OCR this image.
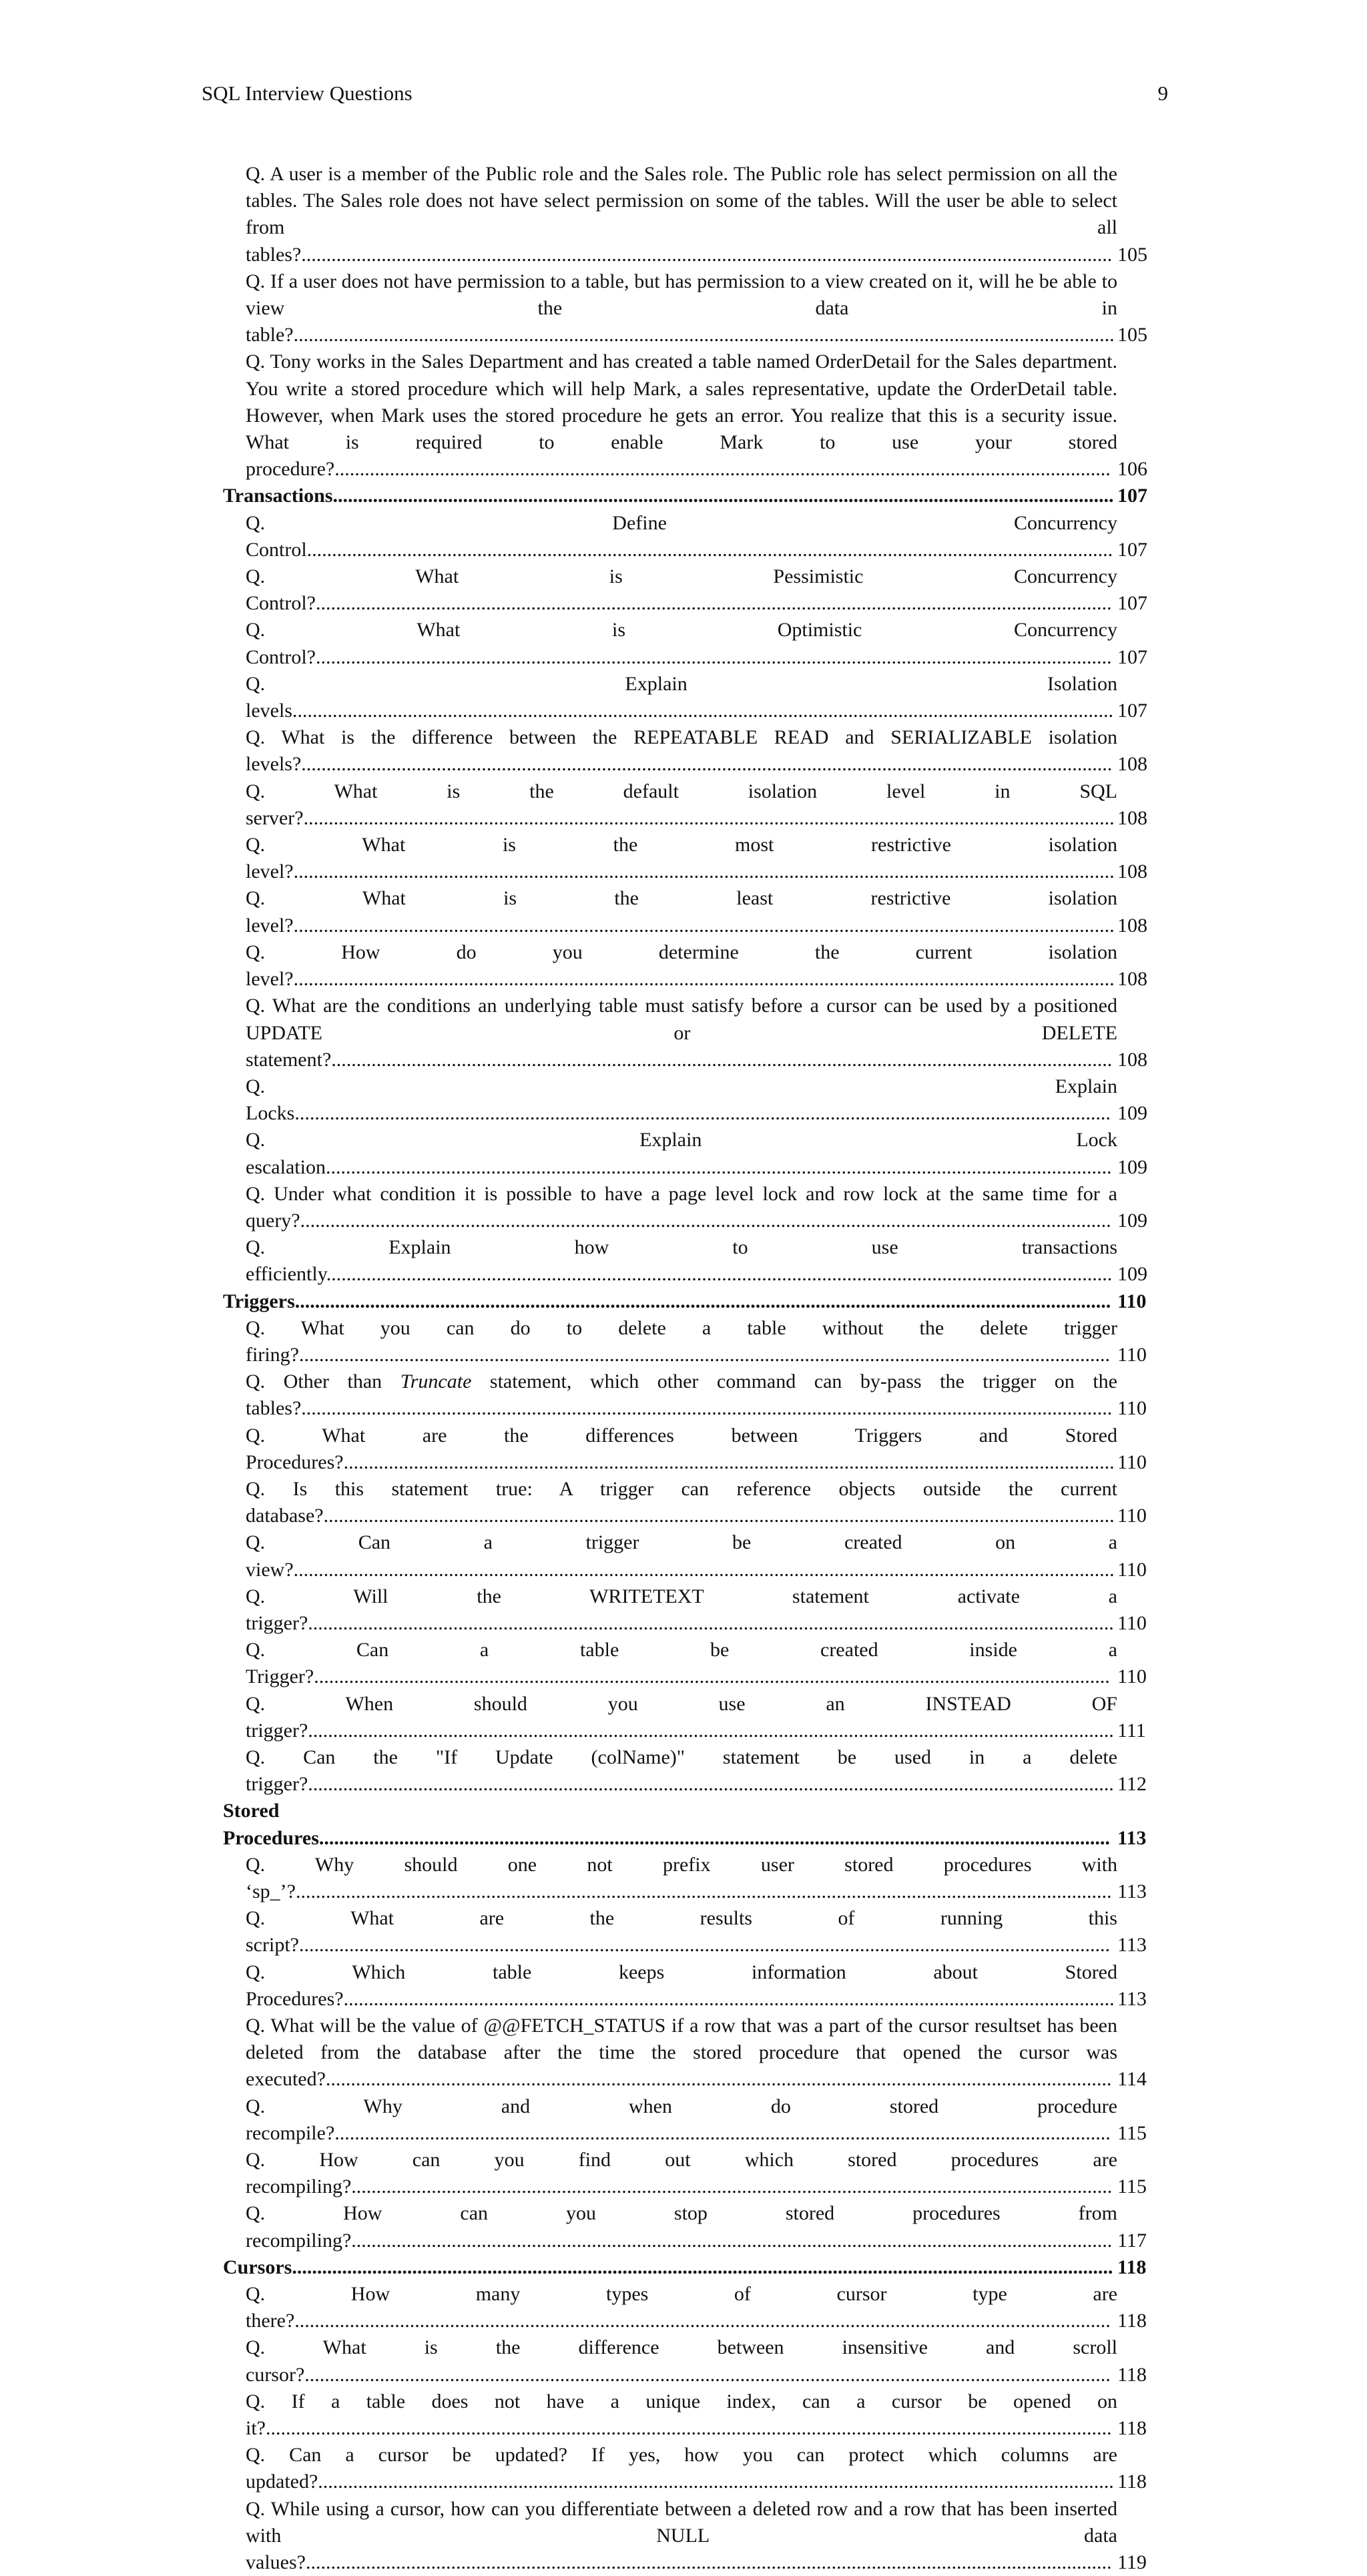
SQL Interview Questions	9
Q. A user is a member of the Public role and the Sales role. The Public role has select permission on all the tables. The Sales role does not have select permission on some of the tables. Will the user be able to select from all tables?.................................................................................................................................................................. 105
Q. If a user does not have permission to a table, but has permission to a view created on it, will he be able to view the data in table?.................................................................................................................................................................... 105
Q. Tony works in the Sales Department and has created a table named OrderDetail for the Sales department. You write a stored procedure which will help Mark, a sales representative, update the OrderDetail table. However, when Mark uses the stored procedure he gets an error. You realize that this is a security issue. What is required to enable Mark to use your stored procedure?........................................................................................................................................................... 106
Transactions............................................................................................................................................................ 107
Q. Define Concurrency Control................................................................................................................................................................. 107
Q. What is Pessimistic Concurrency Control?............................................................................................................................................................... 107
Q. What is Optimistic Concurrency Control?............................................................................................................................................................... 107
Q. Explain Isolation levels.................................................................................................................................................................... 107
Q. What is the difference between the REPEATABLE READ and SERIALIZABLE isolation levels?.................................................................................................................................................................. 108
Q. What is the default isolation level in SQL server?.................................................................................................................................................................. 108
Q. What is the most restrictive isolation level?.................................................................................................................................................................... 108
Q. What is the least restrictive isolation level?.................................................................................................................................................................... 108
Q. How do you determine the current isolation level?.................................................................................................................................................................... 108
Q. What are the conditions an underlying table must satisfy before a cursor can be used by a positioned UPDATE or DELETE statement?............................................................................................................................................................ 108
Q. Explain Locks................................................................................................................................................................... 109
Q. Explain Lock escalation............................................................................................................................................................. 109
Q. Under what condition it is possible to have a page level lock and row lock at the same time for a query?.................................................................................................................................................................. 109
Q. Explain how to use transactions efficiently............................................................................................................................................................. 109
Triggers................................................................................................................................................................... 110
Q. What you can do to delete a table without the delete trigger firing?.................................................................................................................................................................. 110
Q. Other than Truncate statement, which other command can by-pass the trigger on the tables?.................................................................................................................................................................. 110
Q. What are the differences between Triggers and Stored Procedures?.......................................................................................................................................................... 110
Q. Is this statement true: A trigger can reference objects outside the current database?.............................................................................................................................................................. 110
Q. Can a trigger be created on a view?.................................................................................................................................................................... 110
Q. Will the WRITETEXT statement activate a trigger?................................................................................................................................................................. 110
Q. Can a table be created inside a Trigger?............................................................................................................................................................... 110
Q. When should you use an INSTEAD OF trigger?................................................................................................................................................................. 111
Q. Can the "If Update (colName)" statement be used in a delete trigger?................................................................................................................................................................. 112
Stored Procedures.............................................................................................................................................................. 113
Q. Why should one not prefix user stored procedures with ‘sp_’?................................................................................................................................................................... 113
Q. What are the results of running this script?.................................................................................................................................................................. 113
Q. Which table keeps information about Stored Procedures?.......................................................................................................................................................... 113
Q. What will be the value of @@FETCH_STATUS if a row that was a part of the cursor resultset has been deleted from the database after the time the stored procedure that opened the cursor was executed?............................................................................................................................................................. 114
Q. Why and when do stored procedure recompile?........................................................................................................................................................... 115
Q. How can you find out which stored procedures are recompiling?........................................................................................................................................................ 115
Q. How can you stop stored procedures from recompiling?........................................................................................................................................................ 117
Cursors.................................................................................................................................................................... 118
Q. How many types of cursor type are there?................................................................................................................................................................... 118
Q. What is the difference between insensitive and scroll cursor?................................................................................................................................................................. 118
Q. If a table does not have a unique index, can a cursor be opened on it?......................................................................................................................................................................... 118
Q. Can a cursor be updated? If yes, how you can protect which columns are updated?............................................................................................................................................................... 118
Q. While using a cursor, how can you differentiate between a deleted row and a row that has been inserted with NULL data values?................................................................................................................................................................. 119
